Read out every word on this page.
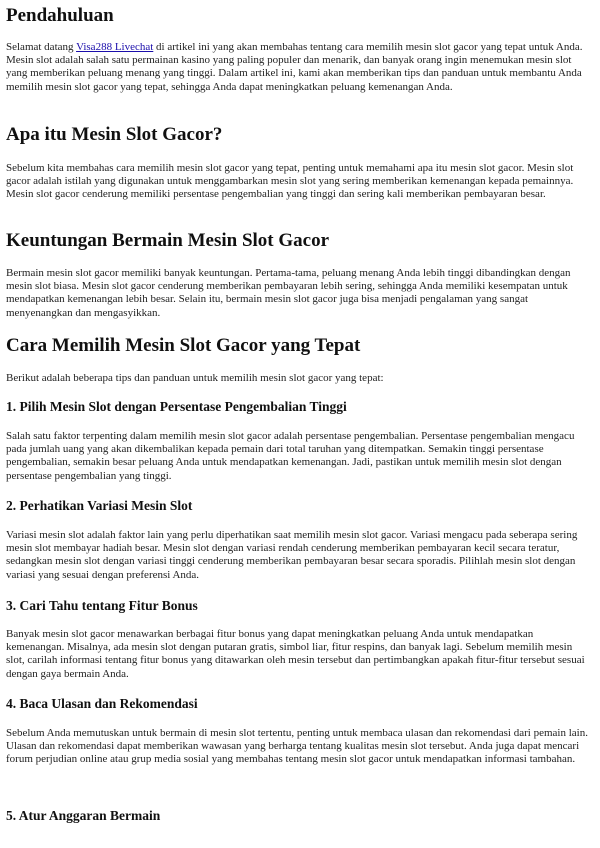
Pendahuluan

Selamat datang Visa288 Livechat di artikel ini yang akan membahas tentang cara memilih mesin slot gacor yang tepat untuk Anda. Mesin slot adalah salah satu permainan kasino yang paling populer dan menarik, dan banyak orang ingin menemukan mesin slot yang memberikan peluang menang yang tinggi. Dalam artikel ini, kami akan memberikan tips dan panduan untuk membantu Anda memilih mesin slot gacor yang tepat, sehingga Anda dapat meningkatkan peluang kemenangan Anda.

Apa itu Mesin Slot Gacor?

Sebelum kita membahas cara memilih mesin slot gacor yang tepat, penting untuk memahami apa itu mesin slot gacor. Mesin slot gacor adalah istilah yang digunakan untuk menggambarkan mesin slot yang sering memberikan kemenangan kepada pemainnya. Mesin slot gacor cenderung memiliki persentase pengembalian yang tinggi dan sering kali memberikan pembayaran besar.

Keuntungan Bermain Mesin Slot Gacor

Bermain mesin slot gacor memiliki banyak keuntungan. Pertama-tama, peluang menang Anda lebih tinggi dibandingkan dengan mesin slot biasa. Mesin slot gacor cenderung memberikan pembayaran lebih sering, sehingga Anda memiliki kesempatan untuk mendapatkan kemenangan lebih besar. Selain itu, bermain mesin slot gacor juga bisa menjadi pengalaman yang sangat menyenangkan dan mengasyikkan.

Cara Memilih Mesin Slot Gacor yang Tepat

Berikut adalah beberapa tips dan panduan untuk memilih mesin slot gacor yang tepat:

1. Pilih Mesin Slot dengan Persentase Pengembalian Tinggi

Salah satu faktor terpenting dalam memilih mesin slot gacor adalah persentase pengembalian. Persentase pengembalian mengacu pada jumlah uang yang akan dikembalikan kepada pemain dari total taruhan yang ditempatkan. Semakin tinggi persentase pengembalian, semakin besar peluang Anda untuk mendapatkan kemenangan. Jadi, pastikan untuk memilih mesin slot dengan persentase pengembalian yang tinggi.

2. Perhatikan Variasi Mesin Slot

Variasi mesin slot adalah faktor lain yang perlu diperhatikan saat memilih mesin slot gacor. Variasi mengacu pada seberapa sering mesin slot membayar hadiah besar. Mesin slot dengan variasi rendah cenderung memberikan pembayaran kecil secara teratur, sedangkan mesin slot dengan variasi tinggi cenderung memberikan pembayaran besar secara sporadis. Pilihlah mesin slot dengan variasi yang sesuai dengan preferensi Anda.

3. Cari Tahu tentang Fitur Bonus

Banyak mesin slot gacor menawarkan berbagai fitur bonus yang dapat meningkatkan peluang Anda untuk mendapatkan kemenangan. Misalnya, ada mesin slot dengan putaran gratis, simbol liar, fitur respins, dan banyak lagi. Sebelum memilih mesin slot, carilah informasi tentang fitur bonus yang ditawarkan oleh mesin tersebut dan pertimbangkan apakah fitur-fitur tersebut sesuai dengan gaya bermain Anda.

4. Baca Ulasan dan Rekomendasi

Sebelum Anda memutuskan untuk bermain di mesin slot tertentu, penting untuk membaca ulasan dan rekomendasi dari pemain lain. Ulasan dan rekomendasi dapat memberikan wawasan yang berharga tentang kualitas mesin slot tersebut. Anda juga dapat mencari forum perjudian online atau grup media sosial yang membahas tentang mesin slot gacor untuk mendapatkan informasi tambahan.

5. Atur Anggaran Bermain
